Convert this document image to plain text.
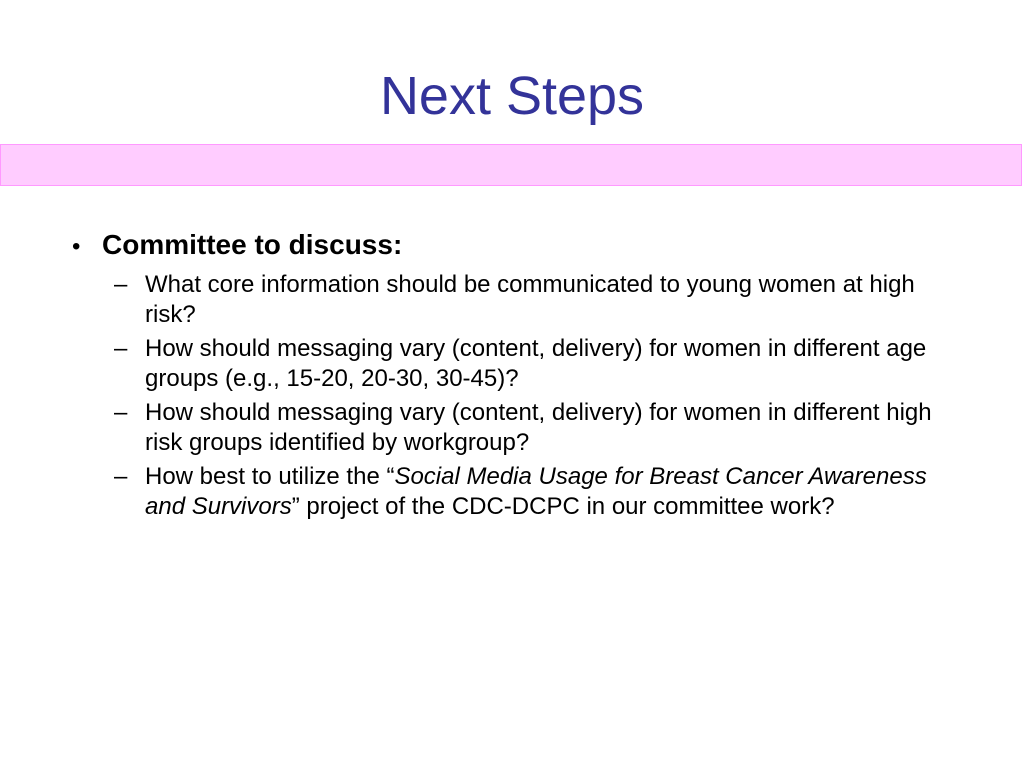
Next Steps
• Committee to discuss:
– What core information should be communicated to young women at high risk?
– How should messaging vary (content, delivery) for women in different age groups (e.g., 15-20, 20-30, 30-45)?
– How should messaging vary (content, delivery) for women in different high risk groups identified by workgroup?
– How best to utilize the “Social Media Usage for Breast Cancer Awareness and Survivors” project of the CDC-DCPC in our committee work?
